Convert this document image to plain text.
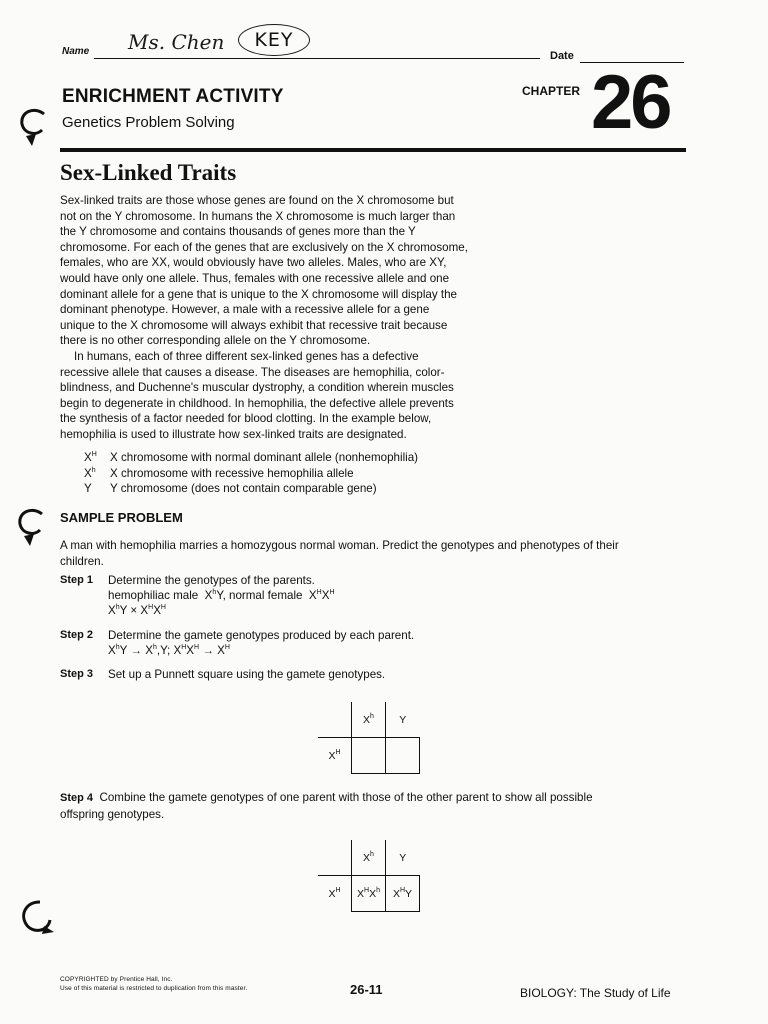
Name Ms. Chen KEY
Date
ENRICHMENT ACTIVITY
Genetics Problem Solving
CHAPTER 26
Sex-Linked Traits
Sex-linked traits are those whose genes are found on the X chromosome but
not on the Y chromosome. In humans the X chromosome is much larger than
the Y chromosome and contains thousands of genes more than the Y
chromosome. For each of the genes that are exclusively on the X chromosome,
females, who are XX, would obviously have two alleles. Males, who are XY,
would have only one allele. Thus, females with one recessive allele and one
dominant allele for a gene that is unique to the X chromosome will display the
dominant phenotype. However, a male with a recessive allele for a gene
unique to the X chromosome will always exhibit that recessive trait because
there is no other corresponding allele on the Y chromosome.
In humans, each of three different sex-linked genes has a defective
recessive allele that causes a disease. The diseases are hemophilia, color-
blindness, and Duchenne's muscular dystrophy, a condition wherein muscles
begin to degenerate in childhood. In hemophilia, the defective allele prevents
the synthesis of a factor needed for blood clotting. In the example below,
hemophilia is used to illustrate how sex-linked traits are designated.
$X^H$	X chromosome with normal dominant allele (nonhemophilia)
$X^h$	X chromosome with recessive hemophilia allele
Y	Y chromosome (does not contain comparable gene)
SAMPLE PROBLEM
A man with hemophilia marries a homozygous normal woman. Predict the genotypes and phenotypes of their
children.
Step 1	Determine the genotypes of the parents.
hemophiliac male  $X^hY$, normal female  $X^HX^H$
$X^hY \times X^HX^H$
Step 2	Determine the gamete genotypes produced by each parent.
$X^hY \to X^h,Y$; $X^HX^H \to X^H$
Step 3	Set up a Punnett square using the gamete genotypes.
	$X^h$	Y
$X^H$		
Step 4 Combine the gamete genotypes of one parent with those of the other parent to show all possible
offspring genotypes.
	$X^h$	Y
$X^H$	$X^HX^h$	$X^HY$
COPYRIGHTED by Prentice Hall, Inc.
Use of this material is restricted to duplication from this master.	26-11	BIOLOGY: The Study of Life
